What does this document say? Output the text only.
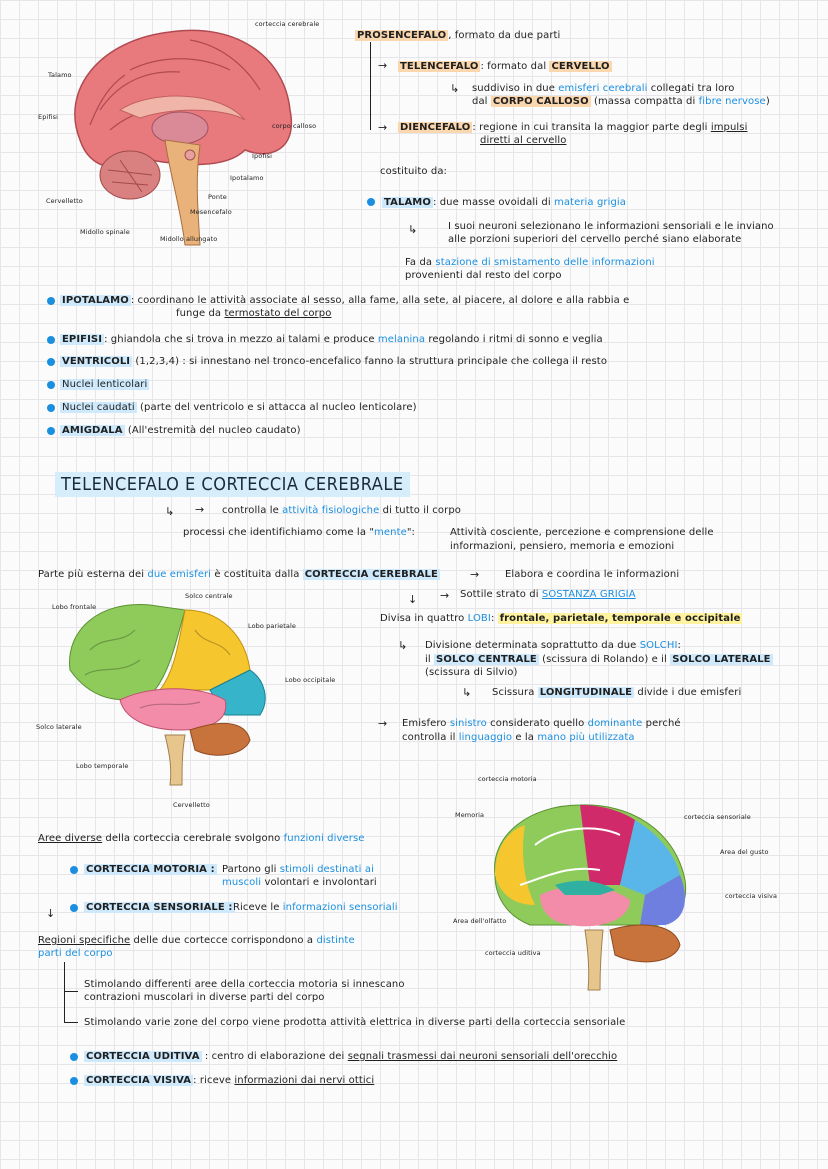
corteccia cerebrale
Talamo
Epifisi
corpo calloso
Ipofisi
Ipotalamo
Ponte
Mesencefalo
Cervelletto
Midollo spinale
Midollo allungato
PROSENCEFALO , formato da due parti
→ TELENCEFALO : formato dal CERVELLO
↳ suddiviso in due emisferi cerebrali collegati tra loro
dal CORPO CALLOSO (massa compatta di fibre nervose)
→ DIENCEFALO : regione in cui transita la maggior parte degli impulsi
diretti al cervello
costituito da:
TALAMO : due masse ovoidali di materia grigia
↳	I suoi neuroni selezionano le informazioni sensoriali e le inviano
alle porzioni superiori del cervello perché siano elaborate
Fa da stazione di smistamento delle informazioni
provenienti dal resto del corpo
IPOTALAMO : coordinano le attività associate al sesso, alla fame, alla sete, al piacere, al dolore e alla rabbia e
funge da termostato del corpo
EPIFISI : ghiandola che si trova in mezzo ai talami e produce melanina regolando i ritmi di sonno e veglia
VENTRICOLI (1,2,3,4) : si innestano nel tronco-encefalico fanno la struttura principale che collega il resto
Nuclei lenticolari
Nuclei caudati (parte del ventricolo e si attacca al nucleo lenticolare)
AMIGDALA (All'estremità del nucleo caudato)
TELENCEFALO E CORTECCIA CEREBRALE
↳ → controlla le attività fisiologiche di tutto il corpo
processi che identifichiamo come la "mente":	Attività cosciente, percezione e comprensione delle
informazioni, pensiero, memoria e emozioni
Parte più esterna dei due emisferi è costituita dalla CORTECCIA CEREBRALE	→	Elabora e coordina le informazioni
→ Sottile strato di SOSTANZA GRIGIA
↓
Divisa in quattro LOBI: frontale, parietale, temporale e occipitale
↳ Divisione determinata soprattutto da due SOLCHI:
il SOLCO CENTRALE (scissura di Rolando) e il SOLCO LATERALE
(scissura di Silvio)
↳ Scissura LONGITUDINALE divide i due emisferi
→ Emisfero sinistro considerato quello dominante perché
controlla il linguaggio e la mano più utilizzata
Solco centrale
Lobo frontale
Lobo parietale
Lobo occipitale
Solco laterale
Lobo temporale
Cervelletto
corteccia motoria
Memoria	corteccia sensoriale
Area del gusto
corteccia visiva
Area dell'olfatto
corteccia uditiva
Aree diverse della corteccia cerebrale svolgono funzioni diverse
CORTECCIA MOTORIA : Partono gli stimoli destinati ai
muscoli volontari e involontari
CORTECCIA SENSORIALE : Riceve le informazioni sensoriali
↓
Regioni specifiche delle due cortecce corrispondono a distinte
parti del corpo
Stimolando differenti aree della corteccia motoria si innescano
contrazioni muscolari in diverse parti del corpo
Stimolando varie zone del corpo viene prodotta attività elettrica in diverse parti della corteccia sensoriale
CORTECCIA UDITIVA : centro di elaborazione dei segnali trasmessi dai neuroni sensoriali dell'orecchio
CORTECCIA VISIVA : riceve informazioni dai nervi ottici
